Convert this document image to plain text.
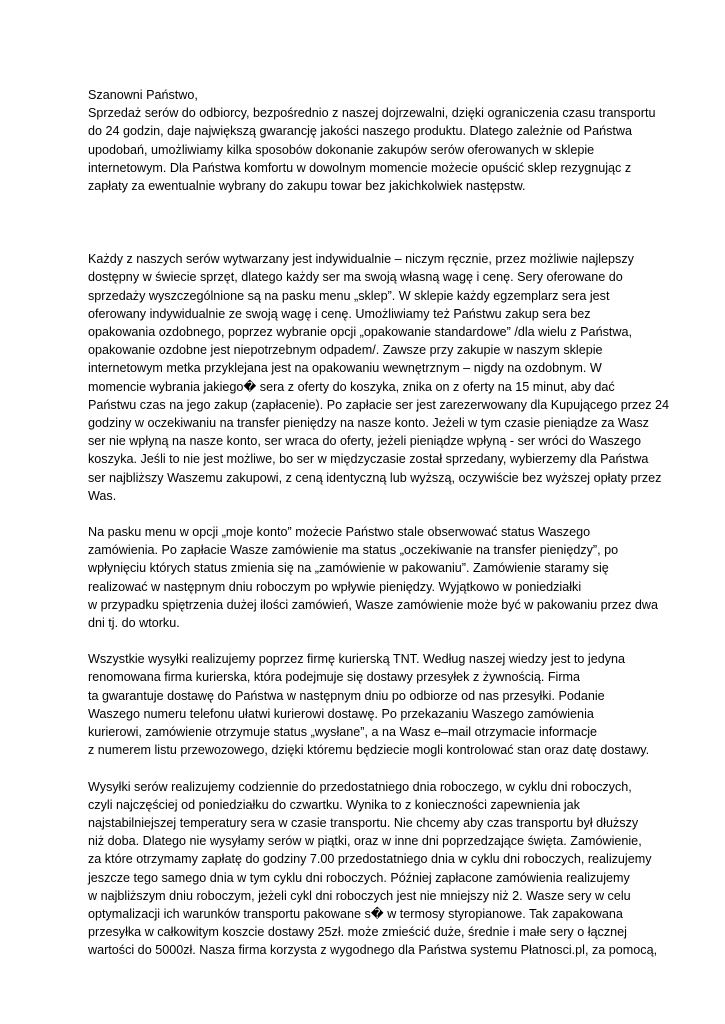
Szanowni Państwo,
Sprzedaż serów do odbiorcy, bezpośrednio z naszej dojrzewalni, dzięki ograniczenia czasu transportu
do 24 godzin, daje największą gwarancję jakości naszego produktu. Dlatego zależnie od Państwa
upodobań, umożliwiamy kilka sposobów dokonanie zakupów serów oferowanych w sklepie
internetowym. Dla Państwa komfortu w dowolnym momencie możecie opuścić sklep rezygnując z
zapłaty za ewentualnie wybrany do zakupu towar bez jakichkolwiek następstw.

Każdy z naszych serów wytwarzany jest indywidualnie – niczym ręcznie, przez możliwie najlepszy
dostępny w świecie sprzęt, dlatego każdy ser ma swoją własną wagę i cenę. Sery oferowane do
sprzedaży wyszczególnione są na pasku menu „sklep”. W sklepie każdy egzemplarz sera jest
oferowany indywidualnie ze swoją wagę i cenę. Umożliwiamy też Państwu zakup sera bez
opakowania ozdobnego, poprzez wybranie opcji „opakowanie standardowe” /dla wielu z Państwa,
opakowanie ozdobne jest niepotrzebnym odpadem/. Zawsze przy zakupie w naszym sklepie
internetowym metka przyklejana jest na opakowaniu wewnętrznym – nigdy na ozdobnym. W
momencie wybrania jakiego� sera z oferty do koszyka, znika on z oferty na 15 minut, aby dać
Państwu czas na jego zakup (zapłacenie). Po zapłacie ser jest zarezerwowany dla Kupującego przez 24
godziny w oczekiwaniu na transfer pieniędzy na nasze konto. Jeżeli w tym czasie pieniądze za Wasz
ser nie wpłyną na nasze konto, ser wraca do oferty, jeżeli pieniądze wpłyną - ser wróci do Waszego
koszyka. Jeśli to nie jest możliwe, bo ser w międzyczasie został sprzedany, wybierzemy dla Państwa
ser najbliższy Waszemu zakupowi, z ceną identyczną lub wyższą, oczywiście bez wyższej opłaty przez
Was.

Na pasku menu w opcji „moje konto” możecie Państwo stale obserwować status Waszego
zamówienia. Po zapłacie Wasze zamówienie ma status „oczekiwanie na transfer pieniędzy”, po
wpłynięciu których status zmienia się na „zamówienie w pakowaniu”. Zamówienie staramy się
realizować w następnym dniu roboczym po wpływie pieniędzy. Wyjątkowo w poniedziałki
w przypadku spiętrzenia dużej ilości zamówień, Wasze zamówienie może być w pakowaniu przez dwa
dni tj. do wtorku.

Wszystkie wysyłki realizujemy poprzez firmę kurierską TNT. Według naszej wiedzy jest to jedyna
renomowana firma kurierska, która podejmuje się dostawy przesyłek z żywnością. Firma
ta gwarantuje dostawę do Państwa w następnym dniu po odbiorze od nas przesyłki. Podanie
Waszego numeru telefonu ułatwi kurierowi dostawę. Po przekazaniu Waszego zamówienia
kurierowi, zamówienie otrzymuje status „wysłane”, a na Wasz e–mail otrzymacie informacje
z numerem listu przewozowego, dzięki któremu będziecie mogli kontrolować stan oraz datę dostawy.

Wysyłki serów realizujemy codziennie do przedostatniego dnia roboczego, w cyklu dni roboczych,
czyli najczęściej od poniedziałku do czwartku. Wynika to z konieczności zapewnienia jak
najstabilniejszej temperatury sera w czasie transportu. Nie chcemy aby czas transportu był dłuższy
niż doba. Dlatego nie wysyłamy serów w piątki, oraz w inne dni poprzedzające święta. Zamówienie,
za które otrzymamy zapłatę do godziny 7.00 przedostatniego dnia w cyklu dni roboczych, realizujemy
jeszcze tego samego dnia w tym cyklu dni roboczych. Później zapłacone zamówienia realizujemy
w najbliższym dniu roboczym, jeżeli cykl dni roboczych jest nie mniejszy niż 2. Wasze sery w celu
optymalizacji ich warunków transportu pakowane s� w termosy styropianowe. Tak zapakowana
przesyłka w całkowitym koszcie dostawy 25zł. może zmieścić duże, średnie i małe sery o łącznej
wartości do 5000zł. Nasza firma korzysta z wygodnego dla Państwa systemu Płatnosci.pl, za pomocą,
